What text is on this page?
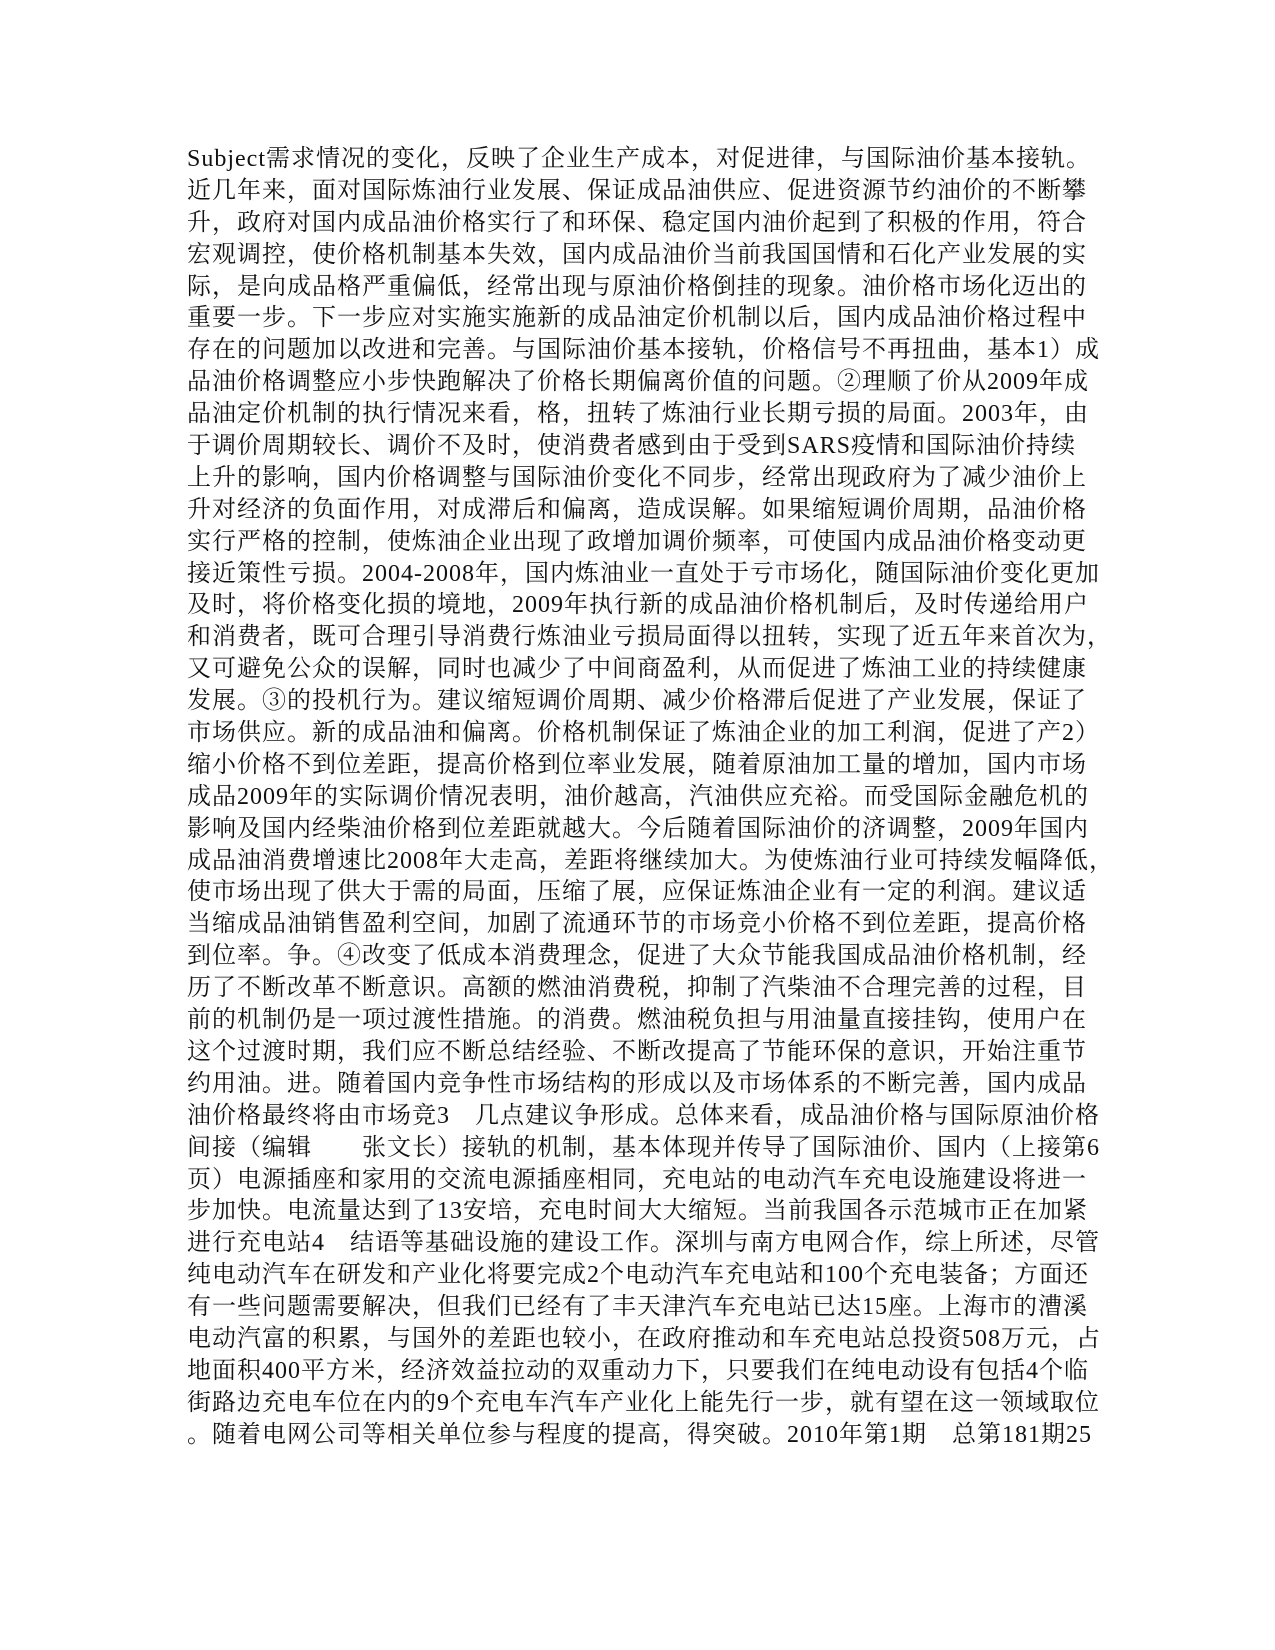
Subject需求情况的变化，反映了企业生产成本，对促进律，与国际油价基本接轨。
近几年来，面对国际炼油行业发展、保证成品油供应、促进资源节约油价的不断攀
升，政府对国内成品油价格实行了和环保、稳定国内油价起到了积极的作用，符合
宏观调控，使价格机制基本失效，国内成品油价当前我国国情和石化产业发展的实
际，是向成品格严重偏低，经常出现与原油价格倒挂的现象。油价格市场化迈出的
重要一步。下一步应对实施实施新的成品油定价机制以后，国内成品油价格过程中
存在的问题加以改进和完善。与国际油价基本接轨，价格信号不再扭曲，基本1）成
品油价格调整应小步快跑解决了价格长期偏离价值的问题。②理顺了价从2009年成
品油定价机制的执行情况来看，格，扭转了炼油行业长期亏损的局面。2003年，由
于调价周期较长、调价不及时，使消费者感到由于受到SARS疫情和国际油价持续
上升的影响，国内价格调整与国际油价变化不同步，经常出现政府为了减少油价上
升对经济的负面作用，对成滞后和偏离，造成误解。如果缩短调价周期，品油价格
实行严格的控制，使炼油企业出现了政增加调价频率，可使国内成品油价格变动更
接近策性亏损。2004-2008年，国内炼油业一直处于亏市场化，随国际油价变化更加
及时，将价格变化损的境地，2009年执行新的成品油价格机制后，及时传递给用户
和消费者，既可合理引导消费行炼油业亏损局面得以扭转，实现了近五年来首次为，
又可避免公众的误解，同时也减少了中间商盈利，从而促进了炼油工业的持续健康
发展。③的投机行为。建议缩短调价周期、减少价格滞后促进了产业发展，保证了
市场供应。新的成品油和偏离。价格机制保证了炼油企业的加工利润，促进了产2）
缩小价格不到位差距，提高价格到位率业发展，随着原油加工量的增加，国内市场
成品2009年的实际调价情况表明，油价越高，汽油供应充裕。而受国际金融危机的
影响及国内经柴油价格到位差距就越大。今后随着国际油价的济调整，2009年国内
成品油消费增速比2008年大走高，差距将继续加大。为使炼油行业可持续发幅降低，
使市场出现了供大于需的局面，压缩了展，应保证炼油企业有一定的利润。建议适
当缩成品油销售盈利空间，加剧了流通环节的市场竞小价格不到位差距，提高价格
到位率。争。④改变了低成本消费理念，促进了大众节能我国成品油价格机制，经
历了不断改革不断意识。高额的燃油消费税，抑制了汽柴油不合理完善的过程，目
前的机制仍是一项过渡性措施。的消费。燃油税负担与用油量直接挂钩，使用户在
这个过渡时期，我们应不断总结经验、不断改提高了节能环保的意识，开始注重节
约用油。进。随着国内竞争性市场结构的形成以及市场体系的不断完善，国内成品
油价格最终将由市场竞3　几点建议争形成。总体来看，成品油价格与国际原油价格
间接（编辑　　张文长）接轨的机制，基本体现并传导了国际油价、国内（上接第6
页）电源插座和家用的交流电源插座相同，充电站的电动汽车充电设施建设将进一
步加快。电流量达到了13安培，充电时间大大缩短。当前我国各示范城市正在加紧
进行充电站4　结语等基础设施的建设工作。深圳与南方电网合作，综上所述，尽管
纯电动汽车在研发和产业化将要完成2个电动汽车充电站和100个充电装备；方面还
有一些问题需要解决，但我们已经有了丰天津汽车充电站已达15座。上海市的漕溪
电动汽富的积累，与国外的差距也较小，在政府推动和车充电站总投资508万元，占
地面积400平方米，经济效益拉动的双重动力下，只要我们在纯电动设有包括4个临
街路边充电车位在内的9个充电车汽车产业化上能先行一步，就有望在这一领域取位
。随着电网公司等相关单位参与程度的提高，得突破。2010年第1期　总第181期25
